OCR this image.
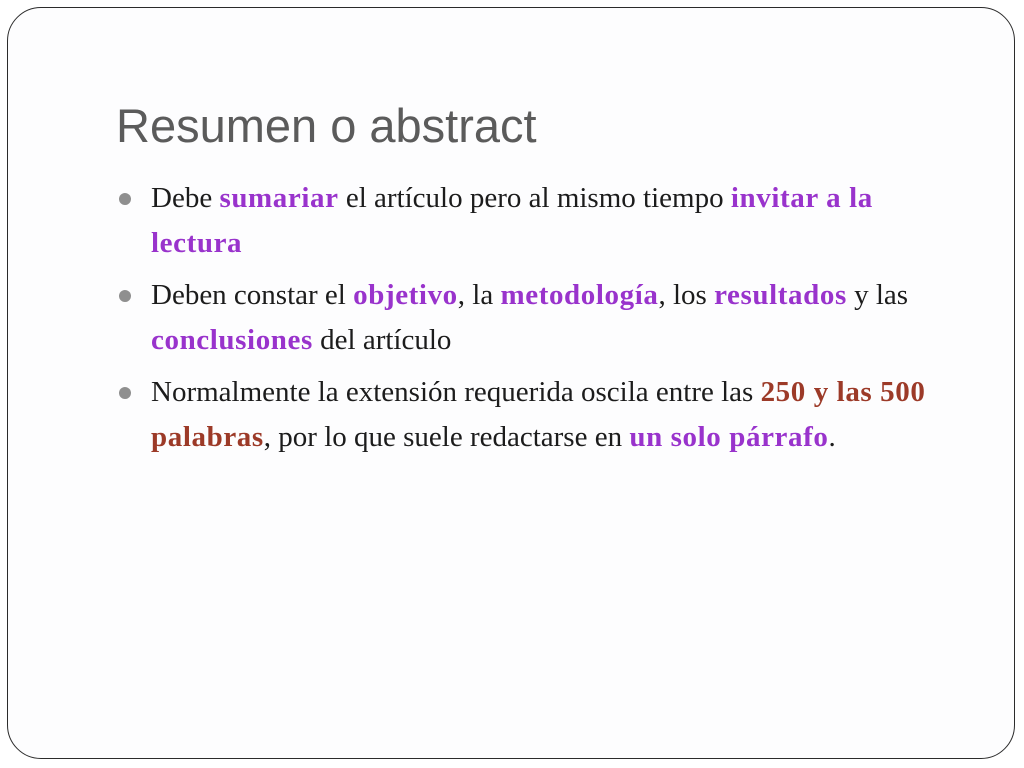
Resumen o abstract
Debe sumariar el artículo pero al mismo tiempo invitar a la lectura
Deben constar el objetivo, la metodología, los resultados y las conclusiones del artículo
Normalmente la extensión requerida oscila entre las 250 y las 500 palabras, por lo que suele redactarse en un solo párrafo.
